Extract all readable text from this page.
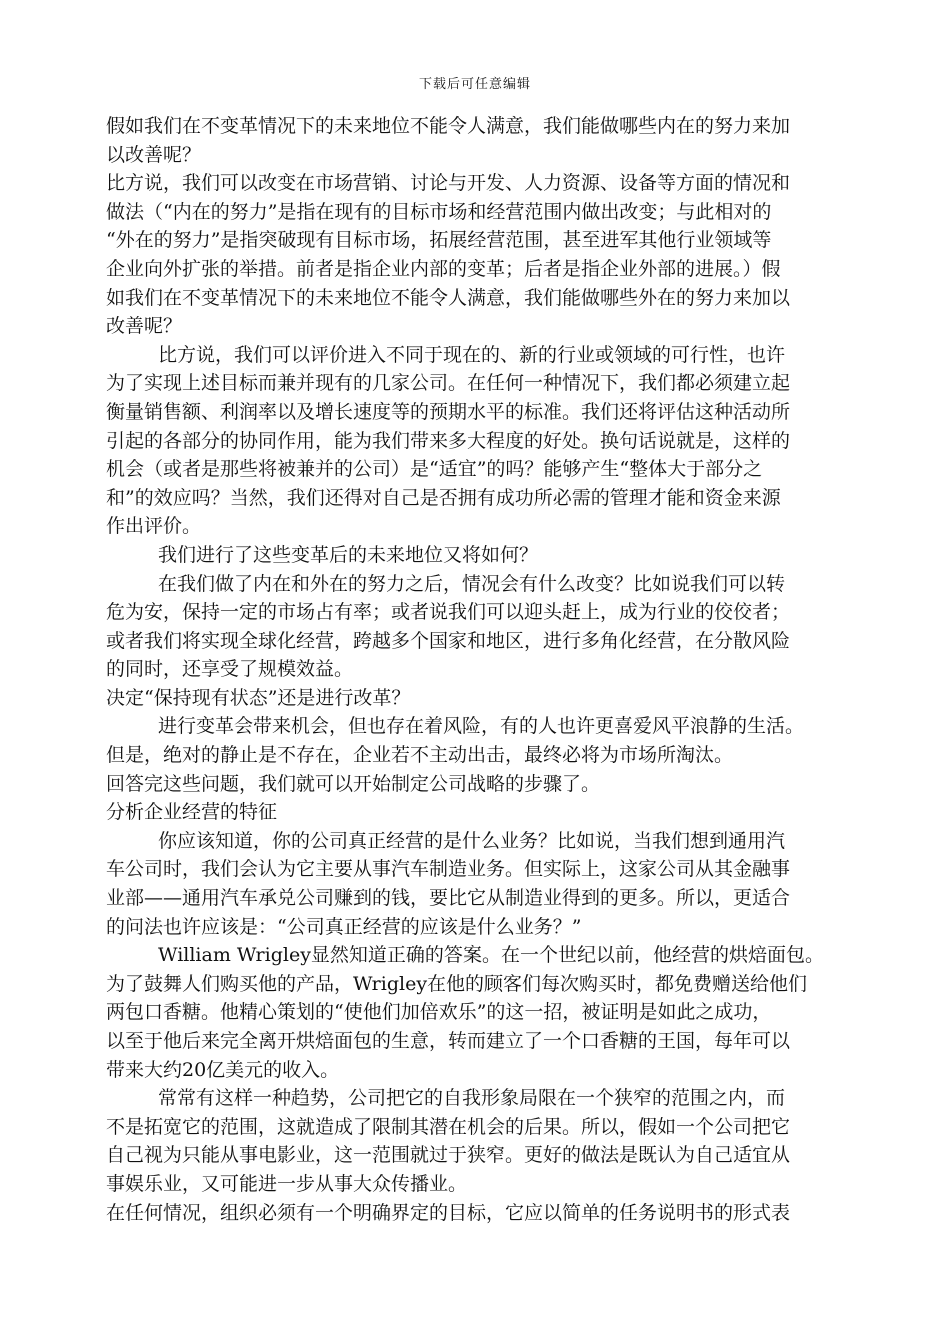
下载后可任意编辑
假如我们在不变革情况下的未来地位不能令人满意，我们能做哪些内在的努力来加
以改善呢？
比方说，我们可以改变在市场营销、讨论与开发、人力资源、设备等方面的情况和
做法（“内在的努力”是指在现有的目标市场和经营范围内做出改变；与此相对的
“外在的努力”是指突破现有目标市场，拓展经营范围，甚至进军其他行业领域等
企业向外扩张的举措。前者是指企业内部的变革；后者是指企业外部的进展。）假
如我们在不变革情况下的未来地位不能令人满意，我们能做哪些外在的努力来加以
改善呢？
比方说，我们可以评价进入不同于现在的、新的行业或领域的可行性，也许
为了实现上述目标而兼并现有的几家公司。在任何一种情况下，我们都必须建立起
衡量销售额、利润率以及增长速度等的预期水平的标准。我们还将评估这种活动所
引起的各部分的协同作用，能为我们带来多大程度的好处。换句话说就是，这样的
机会（或者是那些将被兼并的公司）是“适宜”的吗？能够产生“整体大于部分之
和”的效应吗？当然，我们还得对自己是否拥有成功所必需的管理才能和资金来源
作出评价。
我们进行了这些变革后的未来地位又将如何？
在我们做了内在和外在的努力之后，情况会有什么改变？比如说我们可以转
危为安，保持一定的市场占有率；或者说我们可以迎头赶上，成为行业的佼佼者；
或者我们将实现全球化经营，跨越多个国家和地区，进行多角化经营，在分散风险
的同时，还享受了规模效益。
决定“保持现有状态”还是进行改革？
进行变革会带来机会，但也存在着风险，有的人也许更喜爱风平浪静的生活。
但是，绝对的静止是不存在，企业若不主动出击，最终必将为市场所淘汰。
回答完这些问题，我们就可以开始制定公司战略的步骤了。
分析企业经营的特征
你应该知道，你的公司真正经营的是什么业务？比如说，当我们想到通用汽
车公司时，我们会认为它主要从事汽车制造业务。但实际上，这家公司从其金融事
业部——通用汽车承兑公司赚到的钱，要比它从制造业得到的更多。所以，更适合
的问法也许应该是：“公司真正经营的应该是什么业务？”
William Wrigley显然知道正确的答案。在一个世纪以前，他经营的烘焙面包。
为了鼓舞人们购买他的产品，Wrigley在他的顾客们每次购买时，都免费赠送给他们
两包口香糖。他精心策划的“使他们加倍欢乐”的这一招，被证明是如此之成功，
以至于他后来完全离开烘焙面包的生意，转而建立了一个口香糖的王国，每年可以
带来大约20亿美元的收入。
常常有这样一种趋势，公司把它的自我形象局限在一个狭窄的范围之内，而
不是拓宽它的范围，这就造成了限制其潜在机会的后果。所以，假如一个公司把它
自己视为只能从事电影业，这一范围就过于狭窄。更好的做法是既认为自己适宜从
事娱乐业，又可能进一步从事大众传播业。
在任何情况，组织必须有一个明确界定的目标，它应以简单的任务说明书的形式表
